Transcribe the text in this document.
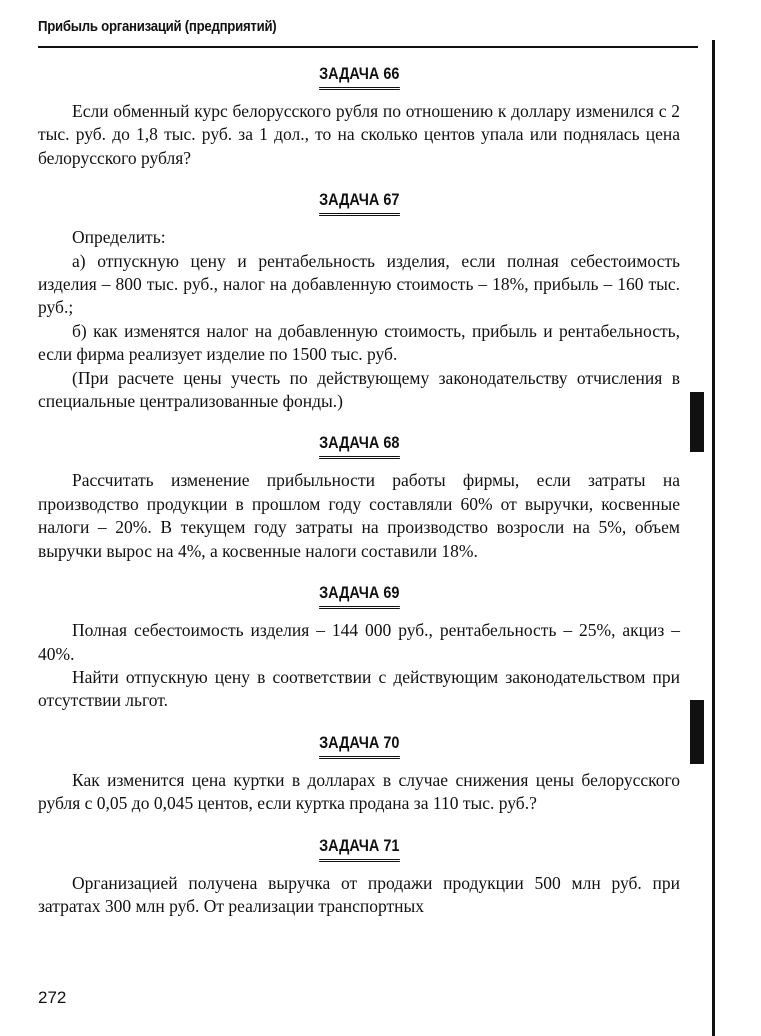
Прибыль организаций (предприятий)
ЗАДАЧА 66

Если обменный курс белорусского рубля по отношению к доллару изменился с 2 тыс. руб. до 1,8 тыс. руб. за 1 дол., то на сколько центов упала или поднялась цена белорусского рубля?

ЗАДАЧА 67

Определить:

а) отпускную цену и рентабельность изделия, если полная себестоимость изделия – 800 тыс. руб., налог на добавленную стоимость – 18%, прибыль – 160 тыс. руб.;

б) как изменятся налог на добавленную стоимость, прибыль и рентабельность, если фирма реализует изделие по 1500 тыс. руб.

(При расчете цены учесть по действующему законодательству отчисления в специальные централизованные фонды.)

ЗАДАЧА 68

Рассчитать изменение прибыльности работы фирмы, если затраты на производство продукции в прошлом году составляли 60% от выручки, косвенные налоги – 20%. В текущем году затраты на производство возросли на 5%, объем выручки вырос на 4%, а косвенные налоги составили 18%.

ЗАДАЧА 69

Полная себестоимость изделия – 144 000 руб., рентабельность – 25%, акциз – 40%.

Найти отпускную цену в соответствии с действующим законодательством при отсутствии льгот.

ЗАДАЧА 70

Как изменится цена куртки в долларах в случае снижения цены белорусского рубля с 0,05 до 0,045 центов, если куртка продана за 110 тыс. руб.?

ЗАДАЧА 71

Организацией получена выручка от продажи продукции 500 млн руб. при затратах 300 млн руб. От реализации транспортных

272
